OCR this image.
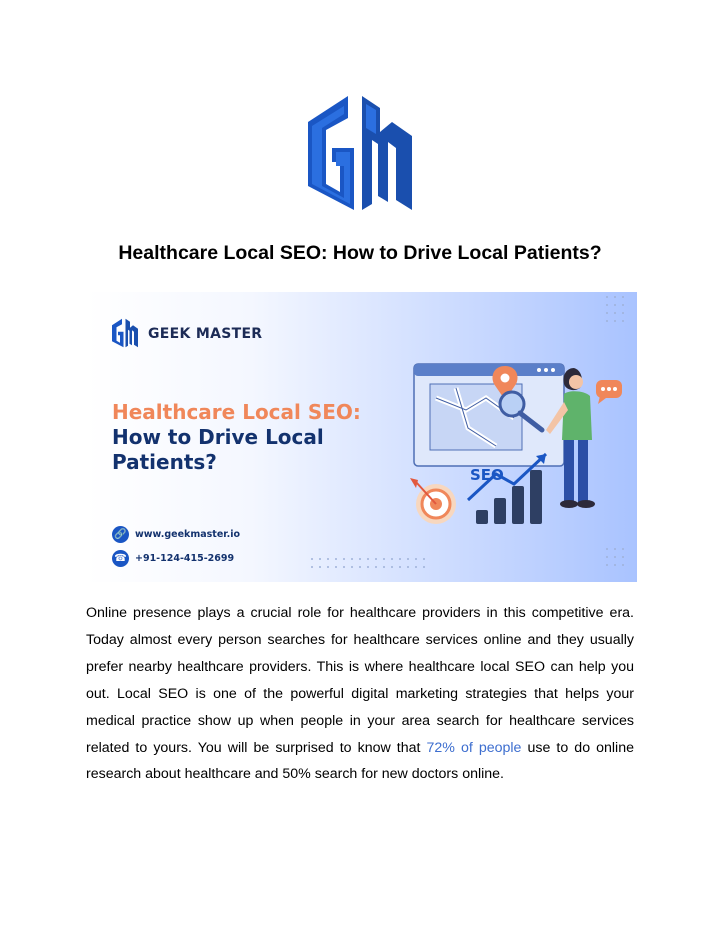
Healthcare Local SEO: How to Drive Local Patients?
GEEK MASTER
Healthcare Local SEO:
How to Drive Local
Patients?
🔗 www.geekmaster.io
☎ +91-124-415-2699
SEO

Online presence plays a crucial role for healthcare providers in this competitive era. Today almost every person searches for healthcare services online and they usually prefer nearby healthcare providers. This is where healthcare local SEO can help you out. Local SEO is one of the powerful digital marketing strategies that helps your medical practice show up when people in your area search for healthcare services related to yours. You will be surprised to know that 72% of people use to do online research about healthcare and 50% search for new doctors online.
